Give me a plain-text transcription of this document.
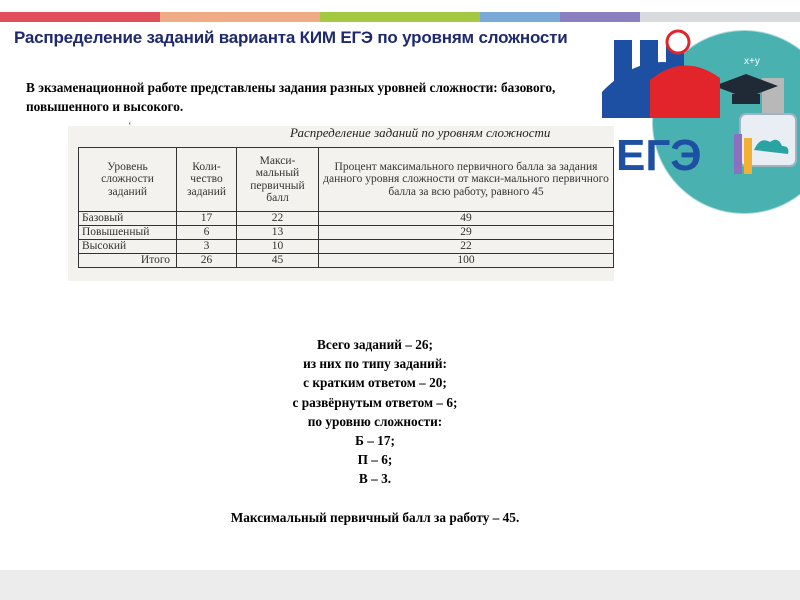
Распределение заданий варианта КИМ ЕГЭ по уровням сложности
x+y
ЕГЭ
В экзаменационной работе представлены задания разных уровней сложности: базового, повышенного и высокого.
ʻ	Распределение заданий по уровням сложности
Уровень сложности заданий	Коли-чество заданий	Макси-мальный первичный балл	Процент максимального первичного балла за задания данного уровня сложности от макси-мального первичного балла за всю работу, равного 45
Базовый	17	22	49
Повышенный	6	13	29
Высокий	3	10	22
Итого	26	45	100
Всего заданий – 26;
из них по типу заданий:
с кратким ответом – 20;
с развёрнутым ответом – 6;
по уровню сложности:
Б – 17;
П – 6;
В – 3.
Максимальный первичный балл за работу – 45.
